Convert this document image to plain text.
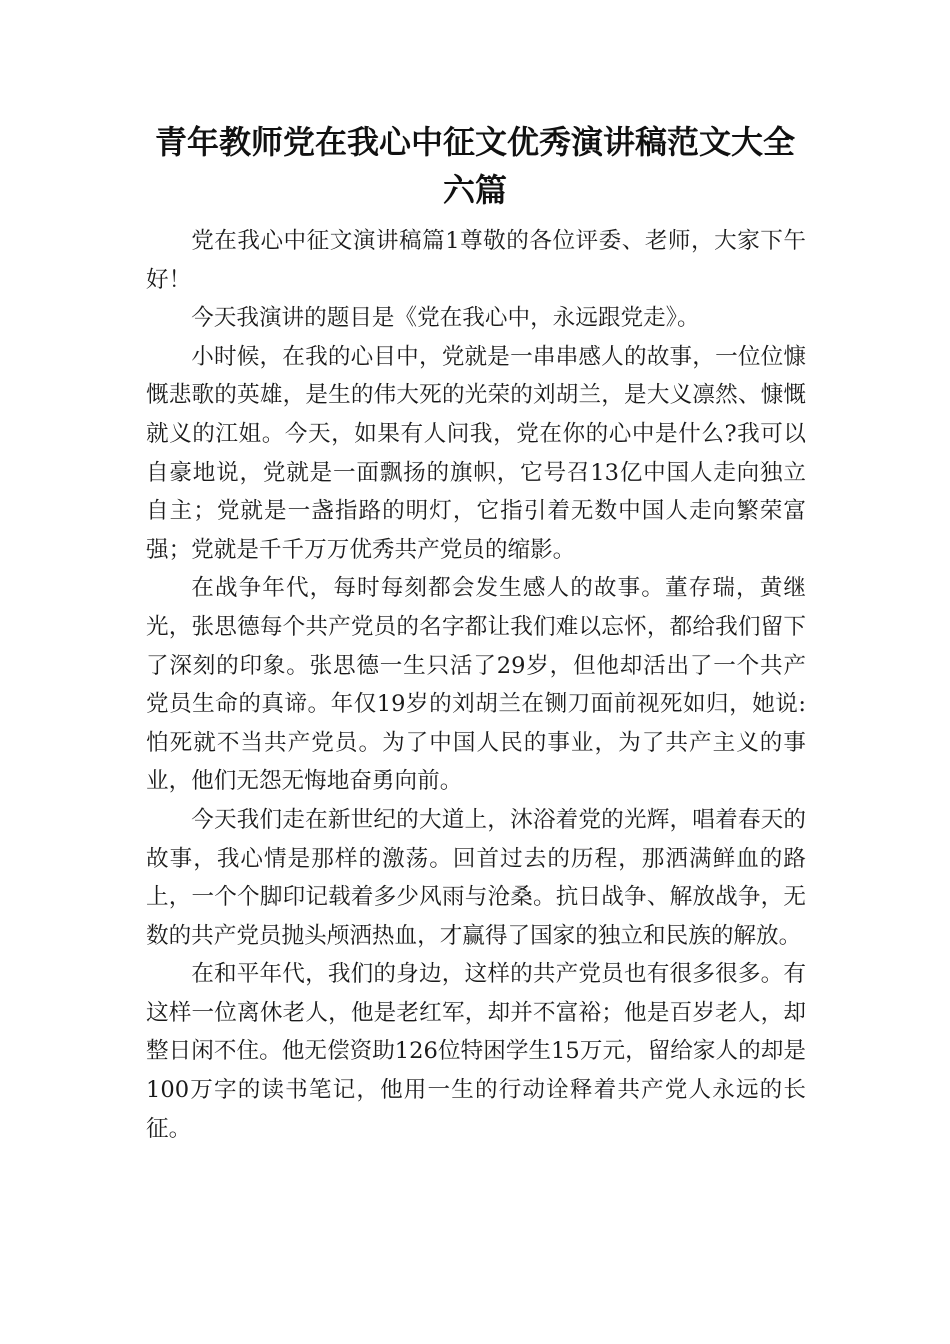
青年教师党在我心中征文优秀演讲稿范文大全六篇

党在我心中征文演讲稿篇1尊敬的各位评委、老师，大家下午好！

今天我演讲的题目是《党在我心中，永远跟党走》。

小时候，在我的心目中，党就是一串串感人的故事，一位位慷慨悲歌的英雄，是生的伟大死的光荣的刘胡兰，是大义凛然、慷慨就义的江姐。今天，如果有人问我，党在你的心中是什么?我可以自豪地说，党就是一面飘扬的旗帜，它号召13亿中国人走向独立自主；党就是一盏指路的明灯，它指引着无数中国人走向繁荣富强；党就是千千万万优秀共产党员的缩影。

在战争年代，每时每刻都会发生感人的故事。董存瑞，黄继光，张思德每个共产党员的名字都让我们难以忘怀，都给我们留下了深刻的印象。张思德一生只活了29岁，但他却活出了一个共产党员生命的真谛。年仅19岁的刘胡兰在铡刀面前视死如归，她说:怕死就不当共产党员。为了中国人民的事业，为了共产主义的事业，他们无怨无悔地奋勇向前。

今天我们走在新世纪的大道上，沐浴着党的光辉，唱着春天的故事，我心情是那样的激荡。回首过去的历程，那洒满鲜血的路上，一个个脚印记载着多少风雨与沧桑。抗日战争、解放战争，无数的共产党员抛头颅洒热血，才赢得了国家的独立和民族的解放。

在和平年代，我们的身边，这样的共产党员也有很多很多。有这样一位离休老人，他是老红军，却并不富裕；他是百岁老人，却整日闲不住。他无偿资助126位特困学生15万元，留给家人的却是100万字的读书笔记，他用一生的行动诠释着共产党人永远的长征。
